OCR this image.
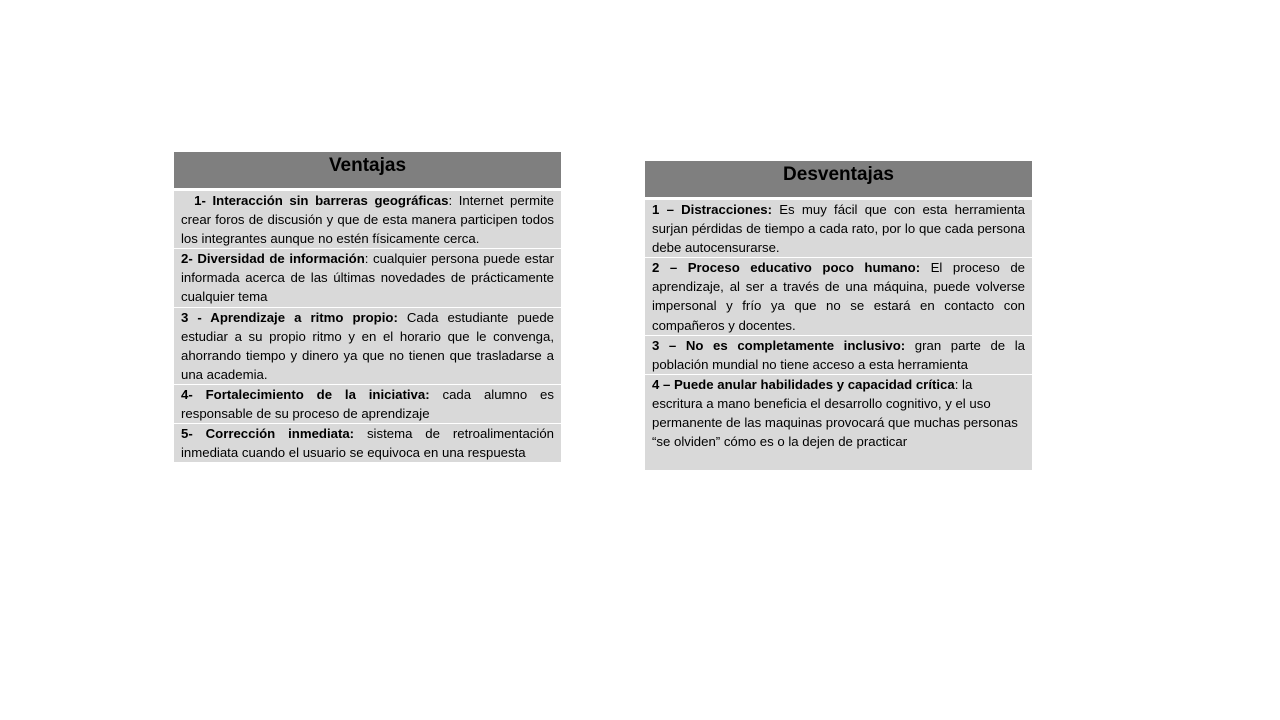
Ventajas
1- Interacción sin barreras geográficas: Internet permite crear foros de discusión y que de esta manera participen todos los integrantes aunque no estén físicamente cerca.
2- Diversidad de información: cualquier persona puede estar informada acerca de las últimas novedades de prácticamente cualquier tema
3 - Aprendizaje a ritmo propio: Cada estudiante puede estudiar a su propio ritmo y en el horario que le convenga, ahorrando tiempo y dinero ya que no tienen que trasladarse a una academia.
4- Fortalecimiento de la iniciativa: cada alumno es responsable de su proceso de aprendizaje
5- Corrección inmediata: sistema de retroalimentación inmediata cuando el usuario se equivoca en una respuesta
Desventajas
1 – Distracciones: Es muy fácil que con esta herramienta surjan pérdidas de tiempo a cada rato, por lo que cada persona debe autocensurarse.
2 – Proceso educativo poco humano: El proceso de aprendizaje, al ser a través de una máquina, puede volverse impersonal y frío ya que no se estará en contacto con compañeros y docentes.
3 – No es completamente inclusivo: gran parte de la población mundial no tiene acceso a esta herramienta
4 – Puede anular habilidades y capacidad crítica: la escritura a mano beneficia el desarrollo cognitivo, y el uso permanente de las maquinas provocará que muchas personas “se olviden” cómo es o la dejen de practicar
